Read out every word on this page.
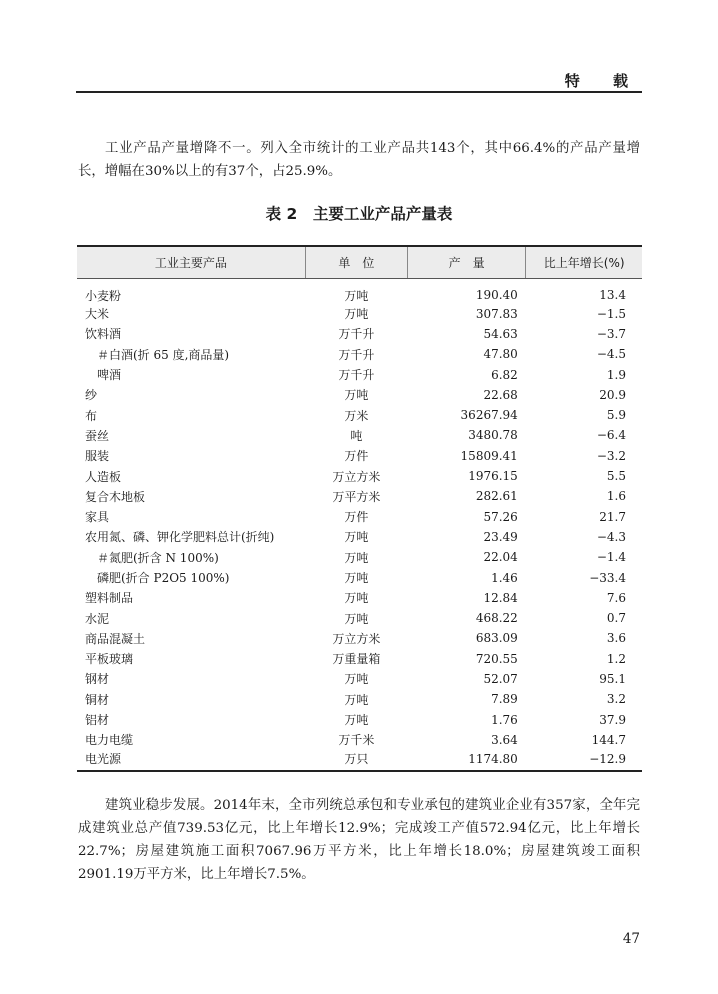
特 载

工业产品产量增降不一。列入全市统计的工业产品共143个，其中66.4%的产品产量增长，增幅在30%以上的有37个，占25.9%。

表 2　主要工业产品产量表
工业主要产品	单　位	产　量	比上年增长(%)
小麦粉	万吨	190.40	13.4
大米	万吨	307.83	−1.5
饮料酒	万千升	54.63	−3.7
＃白酒(折 65 度,商品量)	万千升	47.80	−4.5
啤酒	万千升	6.82	1.9
纱	万吨	22.68	20.9
布	万米	36267.94	5.9
蚕丝	吨	3480.78	−6.4
服装	万件	15809.41	−3.2
人造板	万立方米	1976.15	5.5
复合木地板	万平方米	282.61	1.6
家具	万件	57.26	21.7
农用氮、磷、钾化学肥料总计(折纯)	万吨	23.49	−4.3
＃氮肥(折含 N 100%)	万吨	22.04	−1.4
磷肥(折合 P2O5 100%)	万吨	1.46	−33.4
塑料制品	万吨	12.84	7.6
水泥	万吨	468.22	0.7
商品混凝土	万立方米	683.09	3.6
平板玻璃	万重量箱	720.55	1.2
钢材	万吨	52.07	95.1
铜材	万吨	7.89	3.2
铝材	万吨	1.76	37.9
电力电缆	万千米	3.64	144.7
电光源	万只	1174.80	−12.9

建筑业稳步发展。2014年末，全市列统总承包和专业承包的建筑业企业有357家，全年完成建筑业总产值739.53亿元，比上年增长12.9%；完成竣工产值572.94亿元，比上年增长22.7%；房屋建筑施工面积7067.96万平方米，比上年增长18.0%；房屋建筑竣工面积2901.19万平方米，比上年增长7.5%。

47
